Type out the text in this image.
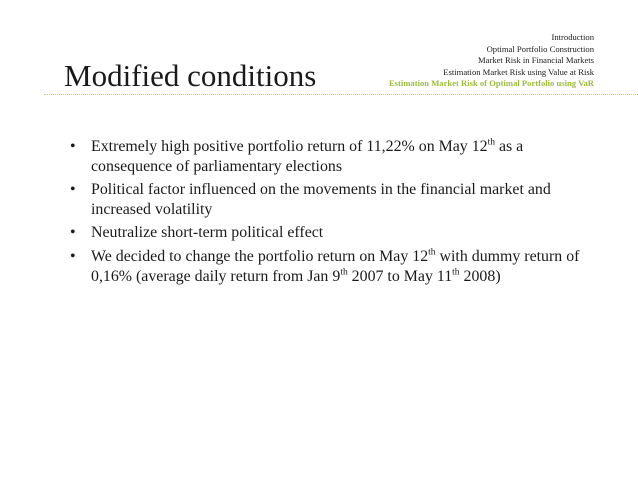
Introduction
Optimal Portfolio Construction
Market Risk in Financial Markets
Estimation Market Risk using Value at Risk
Estimation Market Risk of Optimal Portfolio using VaR
Modified conditions
• Extremely high positive portfolio return of 11,22% on May 12th as a consequence of parliamentary elections
• Political factor influenced on the movements in the financial market and increased volatility
• Neutralize short-term political effect
• We decided to change the portfolio return on May 12th with dummy return of 0,16% (average daily return from Jan 9th 2007 to May 11th 2008)
